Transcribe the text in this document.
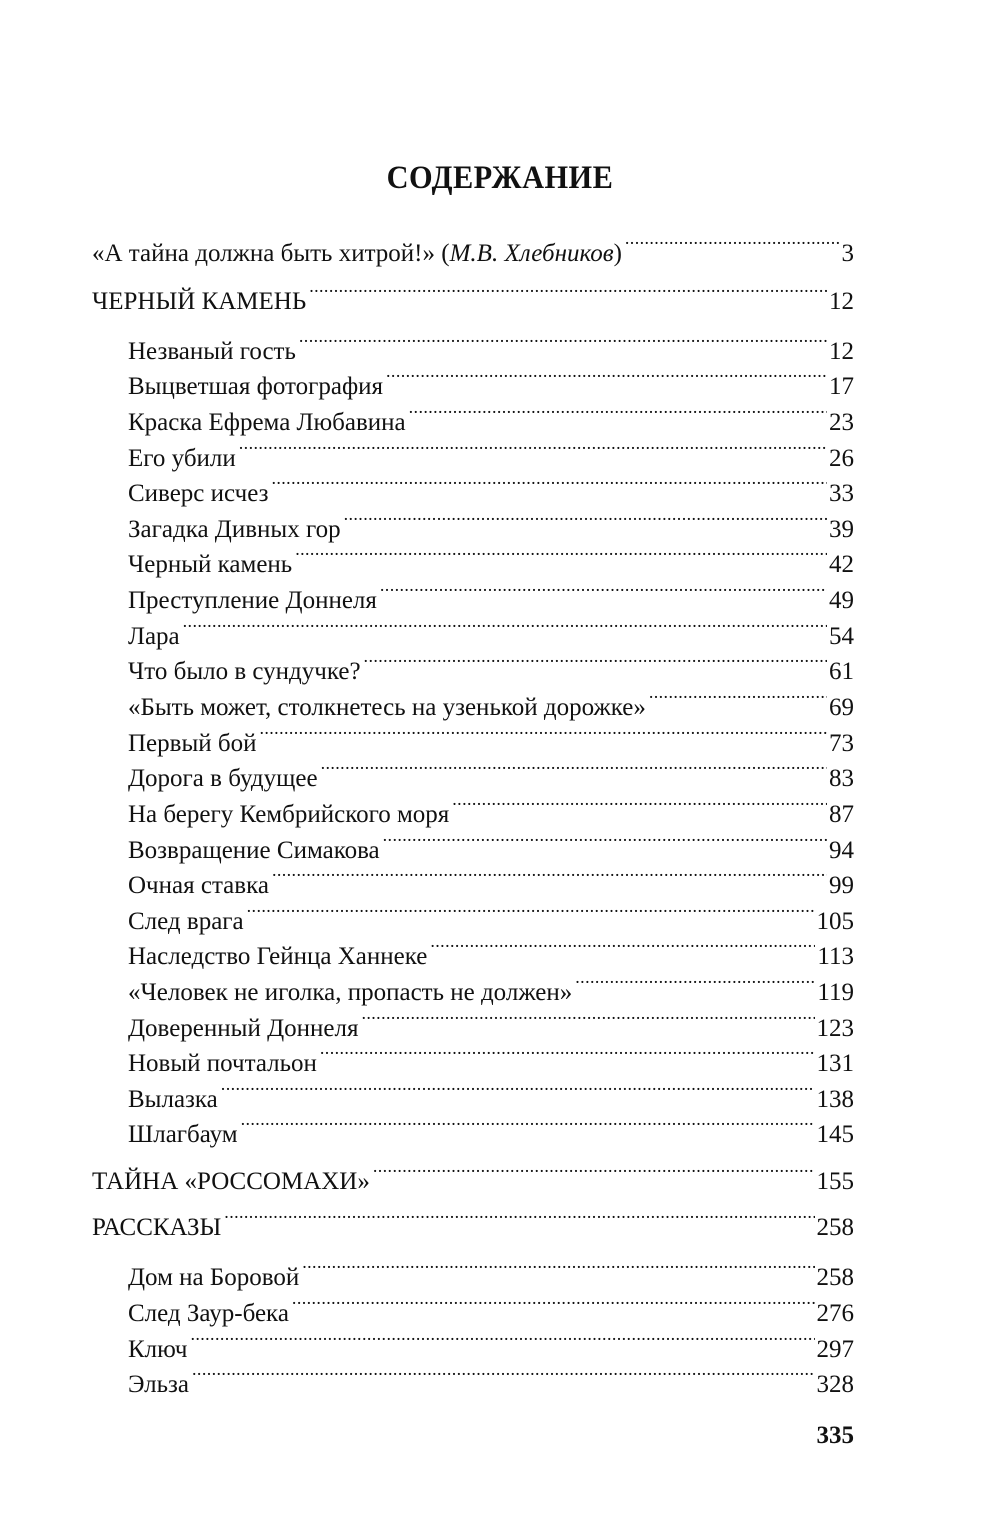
СОДЕРЖАНИЕ
«А тайна должна быть хитрой!» (М.В. Хлебников) .....	3
ЧЕРНЫЙ КАМЕНЬ .....	12
Незваный гость .....	12
Выцветшая фотография .....	17
Краска Ефрема Любавина .....	23
Его убили .....	26
Сиверс исчез .....	33
Загадка Дивных гор .....	39
Черный камень .....	42
Преступление Доннеля .....	49
Лара .....	54
Что было в сундучке? .....	61
«Быть может, столкнетесь на узенькой дорожке» .....	69
Первый бой .....	73
Дорога в будущее .....	83
На берегу Кембрийского моря .....	87
Возвращение Симакова .....	94
Очная ставка .....	99
След врага .....	105
Наследство Гейнца Ханнеке .....	113
«Человек не иголка, пропасть не должен» .....	119
Доверенный Доннеля .....	123
Новый почтальон .....	131
Вылазка .....	138
Шлагбаум .....	145
ТАЙНА «РОССОМАХИ» .....	155
РАССКАЗЫ .....	258
Дом на Боровой .....	258
След Заур-бека .....	276
Ключ .....	297
Эльза .....	328
335
